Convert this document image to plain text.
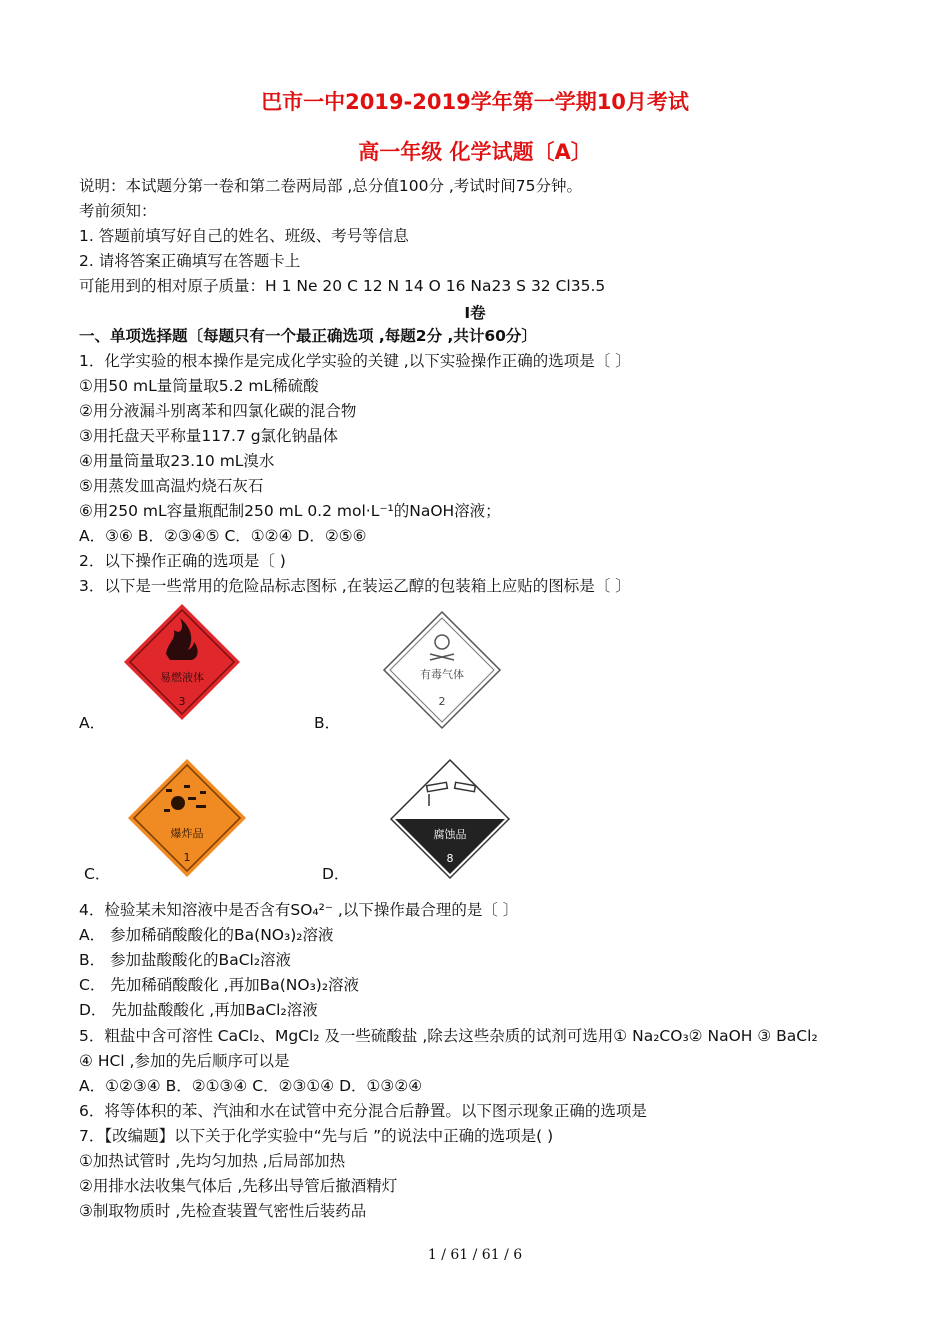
巴市一中2019-2019学年第一学期10月考试
高一年级 化学试题〔A〕
说明：本试题分第一卷和第二卷两局部 ,总分值100分 ,考试时间75分钟。
考前须知：
1. 答题前填写好自己的姓名、班级、考号等信息
2. 请将答案正确填写在答题卡上
可能用到的相对原子质量：H 1 Ne 20 C 12 N 14 O 16 Na23 S 32 Cl35.5
I卷
一、单项选择题〔每题只有一个最正确选项 ,每题2分 ,共计60分〕
1．化学实验的根本操作是完成化学实验的关键 ,以下实验操作正确的选项是〔 〕
①用50 mL量筒量取5.2 mL稀硫酸
②用分液漏斗别离苯和四氯化碳的混合物
③用托盘天平称量117.7 g氯化钠晶体
④用量筒量取23.10 mL溴水
⑤用蒸发皿高温灼烧石灰石
⑥用250 mL容量瓶配制250 mL 0.2 mol·L⁻¹的NaOH溶液；
A．③⑥ B．②③④⑤ C．①②④ D．②⑤⑥
2．以下操作正确的选项是〔 )
3．以下是一些常用的危险品标志图标 ,在装运乙醇的包装箱上应贴的图标是〔 〕
易燃液体
3
A．
有毒气体
2
B．
爆炸品
1
C．
腐蚀品
8
D．
4．检验某未知溶液中是否含有SO₄²⁻ ,以下操作最合理的是〔 〕
A． 参加稀硝酸酸化的Ba(NO₃)₂溶液
B． 参加盐酸酸化的BaCl₂溶液
C． 先加稀硝酸酸化 ,再加Ba(NO₃)₂溶液
D． 先加盐酸酸化 ,再加BaCl₂溶液
5．粗盐中含可溶性 CaCl₂、MgCl₂ 及一些硫酸盐 ,除去这些杂质的试剂可选用① Na₂CO₃② NaOH ③ BaCl₂
④ HCl ,参加的先后顺序可以是
A．①②③④ B．②①③④ C．②③①④ D．①③②④
6．将等体积的苯、汽油和水在试管中充分混合后静置。以下图示现象正确的选项是
7．【改编题】以下关于化学实验中“先与后 ”的说法中正确的选项是( )
①加热试管时 ,先均匀加热 ,后局部加热
②用排水法收集气体后 ,先移出导管后撤酒精灯
③制取物质时 ,先检查装置气密性后装药品
1 / 61 / 61 / 6
